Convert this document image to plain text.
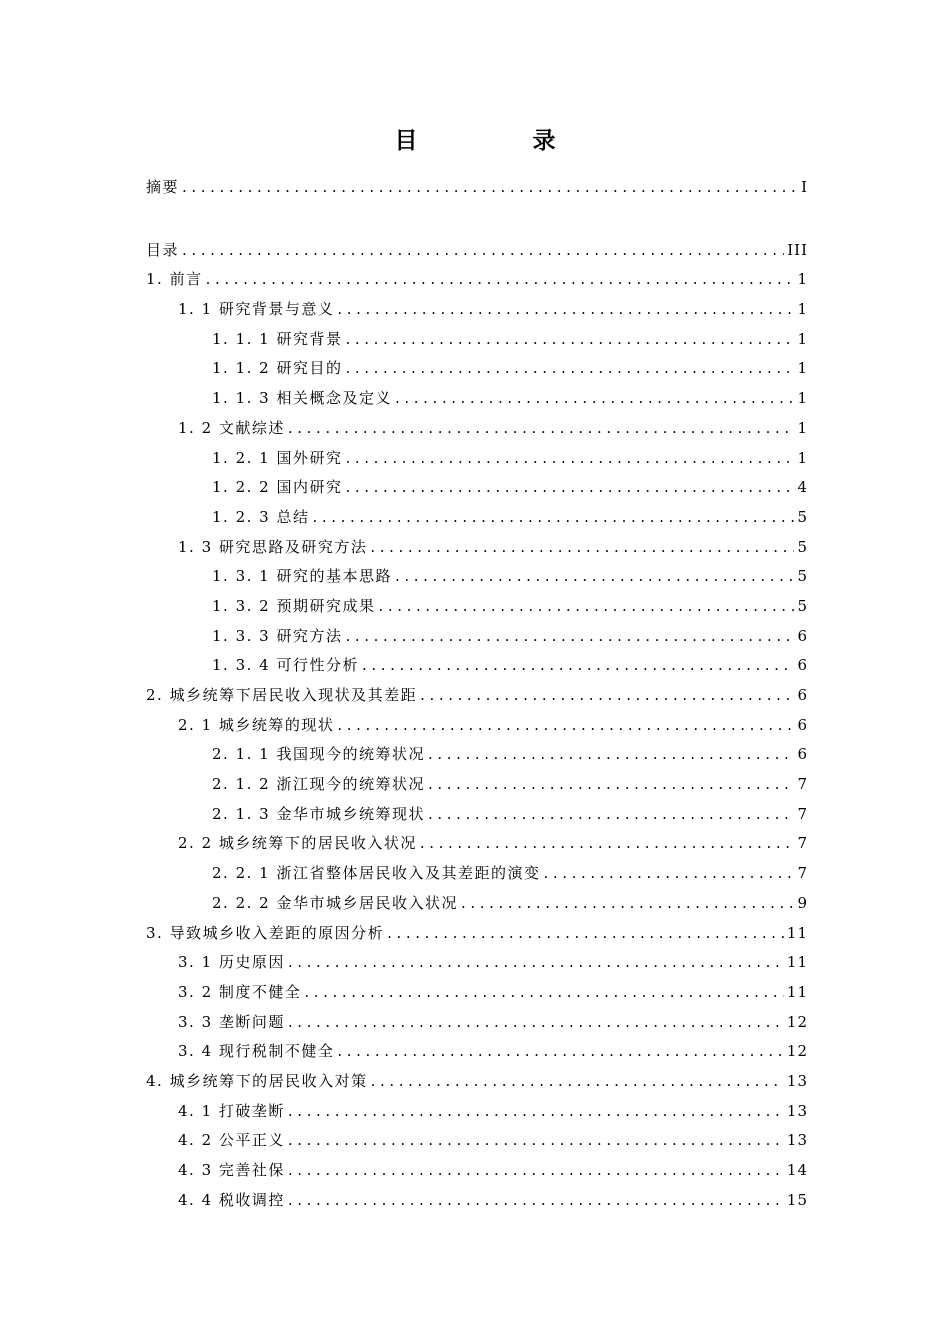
目　录
摘要 .....	I
目录 .....	III
1. 前言 .....	1
1. 1 研究背景与意义 .....	1
1. 1. 1 研究背景 .....	1
1. 1. 2 研究目的 .....	1
1. 1. 3 相关概念及定义 .....	1
1. 2 文献综述 .....	1
1. 2. 1 国外研究 .....	1
1. 2. 2 国内研究 .....	4
1. 2. 3 总结 .....	5
1. 3 研究思路及研究方法 .....	5
1. 3. 1 研究的基本思路 .....	5
1. 3. 2 预期研究成果 .....	5
1. 3. 3 研究方法 .....	6
1. 3. 4 可行性分析 .....	6
2. 城乡统筹下居民收入现状及其差距 .....	6
2. 1 城乡统筹的现状 .....	6
2. 1. 1 我国现今的统筹状况 .....	6
2. 1. 2 浙江现今的统筹状况 .....	7
2. 1. 3 金华市城乡统筹现状 .....	7
2. 2 城乡统筹下的居民收入状况 .....	7
2. 2. 1 浙江省整体居民收入及其差距的演变 .....	7
2. 2. 2 金华市城乡居民收入状况 .....	9
3. 导致城乡收入差距的原因分析 .....	11
3. 1 历史原因 .....	11
3. 2 制度不健全 .....	11
3. 3 垄断问题 .....	12
3. 4 现行税制不健全 .....	12
4. 城乡统筹下的居民收入对策 .....	13
4. 1 打破垄断 .....	13
4. 2 公平正义 .....	13
4. 3 完善社保 .....	14
4. 4 税收调控 .....	15
